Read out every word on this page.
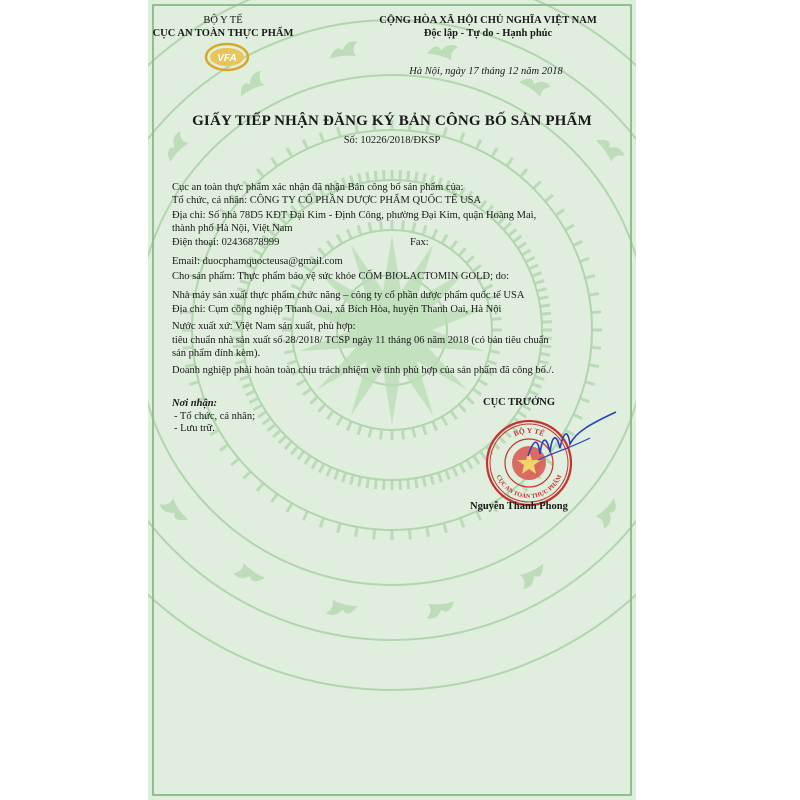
BỘ Y TẾ
CỤC AN TOÀN THỰC PHẨM
VFA
CỘNG HÒA XÃ HỘI CHỦ NGHĨA VIỆT NAM
Độc lập - Tự do - Hạnh phúc
Hà Nội, ngày 17 tháng 12 năm 2018
GIẤY TIẾP NHẬN ĐĂNG KÝ BẢN CÔNG BỐ SẢN PHẨM
Số: 10226/2018/ĐKSP
Cục an toàn thực phẩm xác nhận đã nhận Bản công bố sản phẩm của:
Tổ chức, cá nhân: CÔNG TY CỔ PHẦN DƯỢC PHẨM QUỐC TẾ USA
Địa chỉ: Số nhà 78D5 KĐT Đại Kim - Định Công, phường Đại Kim, quận Hoàng Mai,
thành phố Hà Nội, Việt Nam
Điện thoại: 02436878999	Fax:
Email: duocphamquocteusa@gmail.com
Cho sản phẩm: Thực phẩm bảo vệ sức khỏe CỐM BIOLACTOMIN GOLD; do:
Nhà máy sản xuất thực phẩm chức năng – công ty cổ phần dược phẩm quốc tế USA
Địa chỉ: Cụm công nghiệp Thanh Oai, xã Bích Hòa, huyện Thanh Oai, Hà Nội
Nước xuất xứ: Việt Nam sản xuất, phù hợp:
tiêu chuẩn nhà sản xuất số 28/2018/ TCSP ngày 11 tháng 06 năm 2018 (có bản tiêu chuẩn
sản phẩm đính kèm).
Doanh nghiệp phải hoàn toàn chịu trách nhiệm về tính phù hợp của sản phẩm đã công bố./.
Nơi nhận:
- Tổ chức, cá nhân;
- Lưu trữ.
CỤC TRƯỞNG
BỘ Y TẾ
CỤC AN TOÀN THỰC PHẨM
Nguyễn Thanh Phong
